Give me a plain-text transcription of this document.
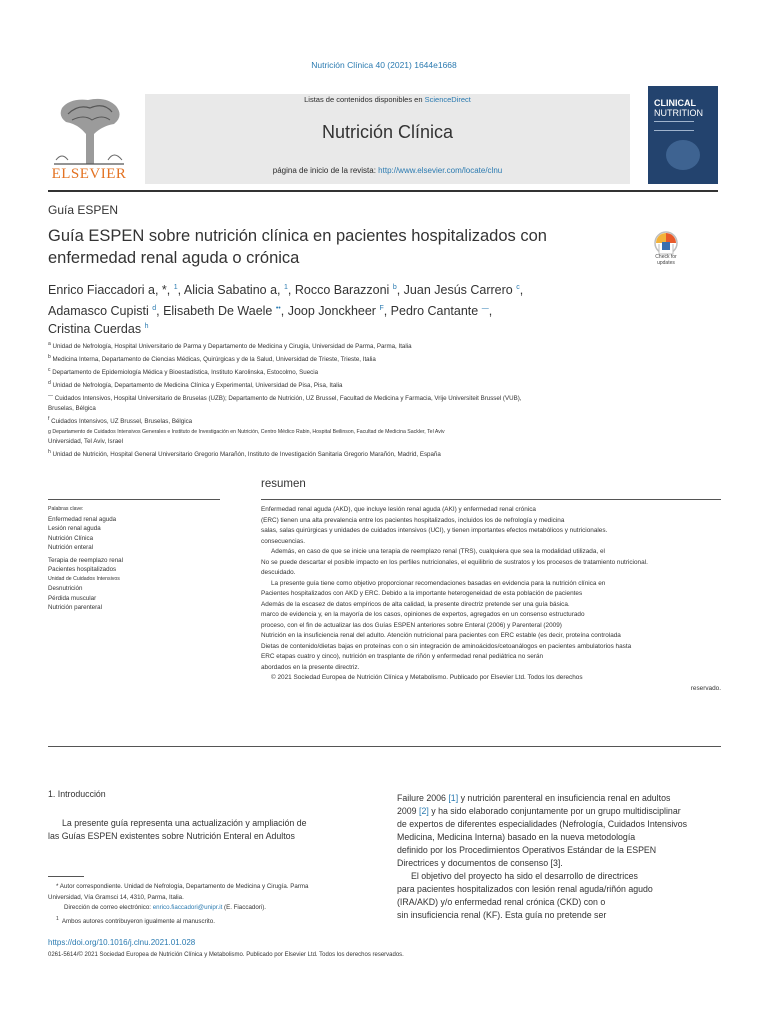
Nutrición Clínica 40 (2021) 1644e1668
ELSEVIER
Listas de contenidos disponibles en ScienceDirect
Nutrición Clínica
página de inicio de la revista: http://www.elsevier.com/locate/clnu
CLINICAL
NUTRITION
Guía ESPEN
Guía ESPEN sobre nutrición clínica en pacientes hospitalizados con
enfermedad renal aguda o crónica	Check for updates
Enrico Fiaccadori a, *, $^1$, Alicia Sabatino a, $^1$, Rocco Barazzoni $^b$, Juan Jesús Carrero $^c$,
Adamasco Cupisti $^d$, Elisabeth De Waele ••, Joop Jonckheer $^F$, Pedro Cantante —,
Cristina Cuerdas $^h$
$^a$ Unidad de Nefrología, Hospital Universitario de Parma y Departamento de Medicina y Cirugía, Universidad de Parma, Parma, Italia
$^b$ Medicina Interna, Departamento de Ciencias Médicas, Quirúrgicas y de la Salud, Universidad de Trieste, Trieste, Italia
$^c$ Departamento de Epidemiología Médica y Bioestadística, Instituto Karolinska, Estocolmo, Suecia
$^d$ Unidad de Nefrología, Departamento de Medicina Clínica y Experimental, Universidad de Pisa, Pisa, Italia
— Cuidados Intensivos, Hospital Universitario de Bruselas (UZB); Departamento de Nutrición, UZ Brussel, Facultad de Medicina y Farmacia, Vrije Universiteit Brussel (VUB),
Bruselas, Bélgica
$^f$ Cuidados Intensivos, UZ Brussel, Bruselas, Bélgica
g Departamento de Cuidados Intensivos Generales e Instituto de Investigación en Nutrición, Centro Médico Rabin, Hospital Beilinson, Facultad de Medicina Sackler, Tel Aviv
Universidad, Tel Aviv, Israel
$^h$ Unidad de Nutrición, Hospital General Universitario Gregorio Marañón, Instituto de Investigación Sanitaria Gregorio Marañón, Madrid, España
resumen
Palabras clave:
Enfermedad renal aguda
Lesión renal aguda
Nutrición Clínica
Nutrición enteral
Terapia de reemplazo renal
Pacientes hospitalizados
Unidad de Cuidados Intensivos
Desnutrición
Pérdida muscular
Nutrición parenteral
Enfermedad renal aguda (AKD), que incluye lesión renal aguda (AKI) y enfermedad renal crónica
(ERC) tienen una alta prevalencia entre los pacientes hospitalizados, incluidos los de nefrología y medicina
salas, salas quirúrgicas y unidades de cuidados intensivos (UCI), y tienen importantes efectos metabólicos y nutricionales.
consecuencias.
Además, en caso de que se inicie una terapia de reemplazo renal (TRS), cualquiera que sea la modalidad utilizada, el
No se puede descartar el posible impacto en los perfiles nutricionales, el equilibrio de sustratos y los procesos de tratamiento nutricional.
descuidado.
La presente guía tiene como objetivo proporcionar recomendaciones basadas en evidencia para la nutrición clínica en
Pacientes hospitalizados con AKD y ERC. Debido a la importante heterogeneidad de esta población de pacientes
Además de la escasez de datos empíricos de alta calidad, la presente directriz pretende ser una guía básica.
marco de evidencia y, en la mayoría de los casos, opiniones de expertos, agregados en un consenso estructurado
proceso, con el fin de actualizar las dos Guías ESPEN anteriores sobre Enteral (2006) y Parenteral (2009)
Nutrición en la insuficiencia renal del adulto. Atención nutricional para pacientes con ERC estable (es decir, proteína controlada
Dietas de contenido/dietas bajas en proteínas con o sin integración de aminoácidos/cetoanálogos en pacientes ambulatorios hasta
ERC etapas cuatro y cinco), nutrición en trasplante de riñón y enfermedad renal pediátrica no serán
abordados en la presente directriz.
© 2021 Sociedad Europea de Nutrición Clínica y Metabolismo. Publicado por Elsevier Ltd. Todos los derechos
reservado.
1. Introducción
La presente guía representa una actualización y ampliación de
las Guías ESPEN existentes sobre Nutrición Enteral en Adultos
* Autor correspondiente. Unidad de Nefrología, Departamento de Medicina y Cirugía. Parma
Universidad, Vía Gramsci 14, 4310, Parma, Italia.
Dirección de correo electrónico: enrico.fiaccadori@unipr.it (E. Fiaccadori).
$^1$ Ambos autores contribuyeron igualmente al manuscrito.
Failure 2006 [1] y nutrición parenteral en insuficiencia renal en adultos
2009 [2] y ha sido elaborado conjuntamente por un grupo multidisciplinar
de expertos de diferentes especialidades (Nefrología, Cuidados Intensivos
Medicina, Medicina Interna) basado en la nueva metodología
definido por los Procedimientos Operativos Estándar de la ESPEN
Directrices y documentos de consenso [3].
El objetivo del proyecto ha sido el desarrollo de directrices
para pacientes hospitalizados con lesión renal aguda/riñón agudo
(IRA/AKD) y/o enfermedad renal crónica (CKD) con o
sin insuficiencia renal (KF). Esta guía no pretende ser
https://doi.org/10.1016/j.clnu.2021.01.028
0261-5614/© 2021 Sociedad Europea de Nutrición Clínica y Metabolismo. Publicado por Elsevier Ltd. Todos los derechos reservados.
